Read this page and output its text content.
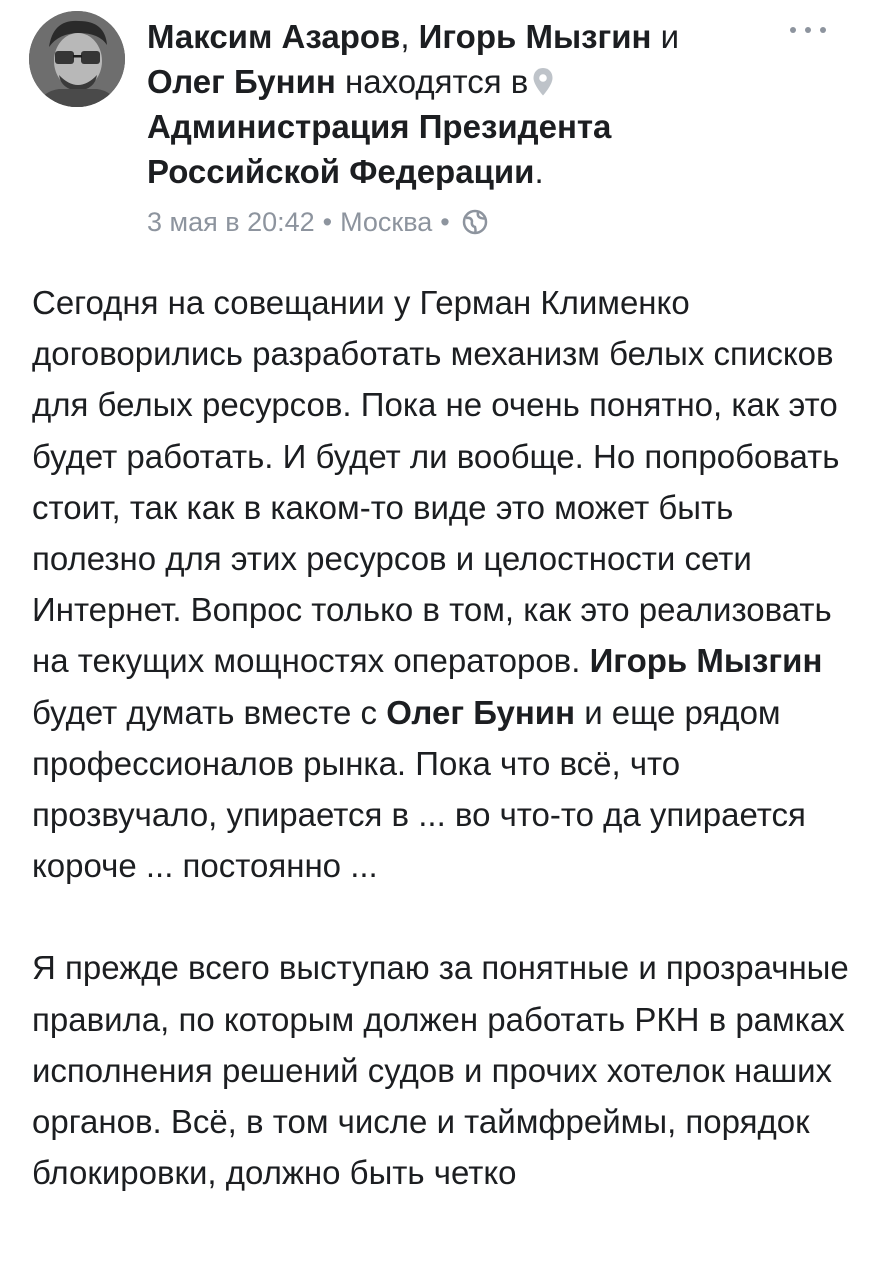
Максим Азаров, Игорь Мызгин и
Олег Бунин находятся в

Администрация Президента Российской Федерации.
3 мая в 20:42 • Москва •

Сегодня на совещании у Герман Клименко договорились разработать механизм белых списков для белых ресурсов. Пока не очень понятно, как это будет работать. И будет ли вообще. Но попробовать стоит, так как в каком-то виде это может быть полезно для этих ресурсов и целостности сети Интернет. Вопрос только в том, как это реализовать на текущих мощностях операторов. Игорь Мызгин будет думать вместе с Олег Бунин и еще рядом профессионалов рынка. Пока что всё, что прозвучало, упирается в ... во что-то да упирается короче ... постоянно ...

Я прежде всего выступаю за понятные и прозрачные правила, по которым должен работать РКН в рамках исполнения решений судов и прочих хотелок наших органов. Всё, в том числе и таймфреймы, порядок блокировки, должно быть четко
